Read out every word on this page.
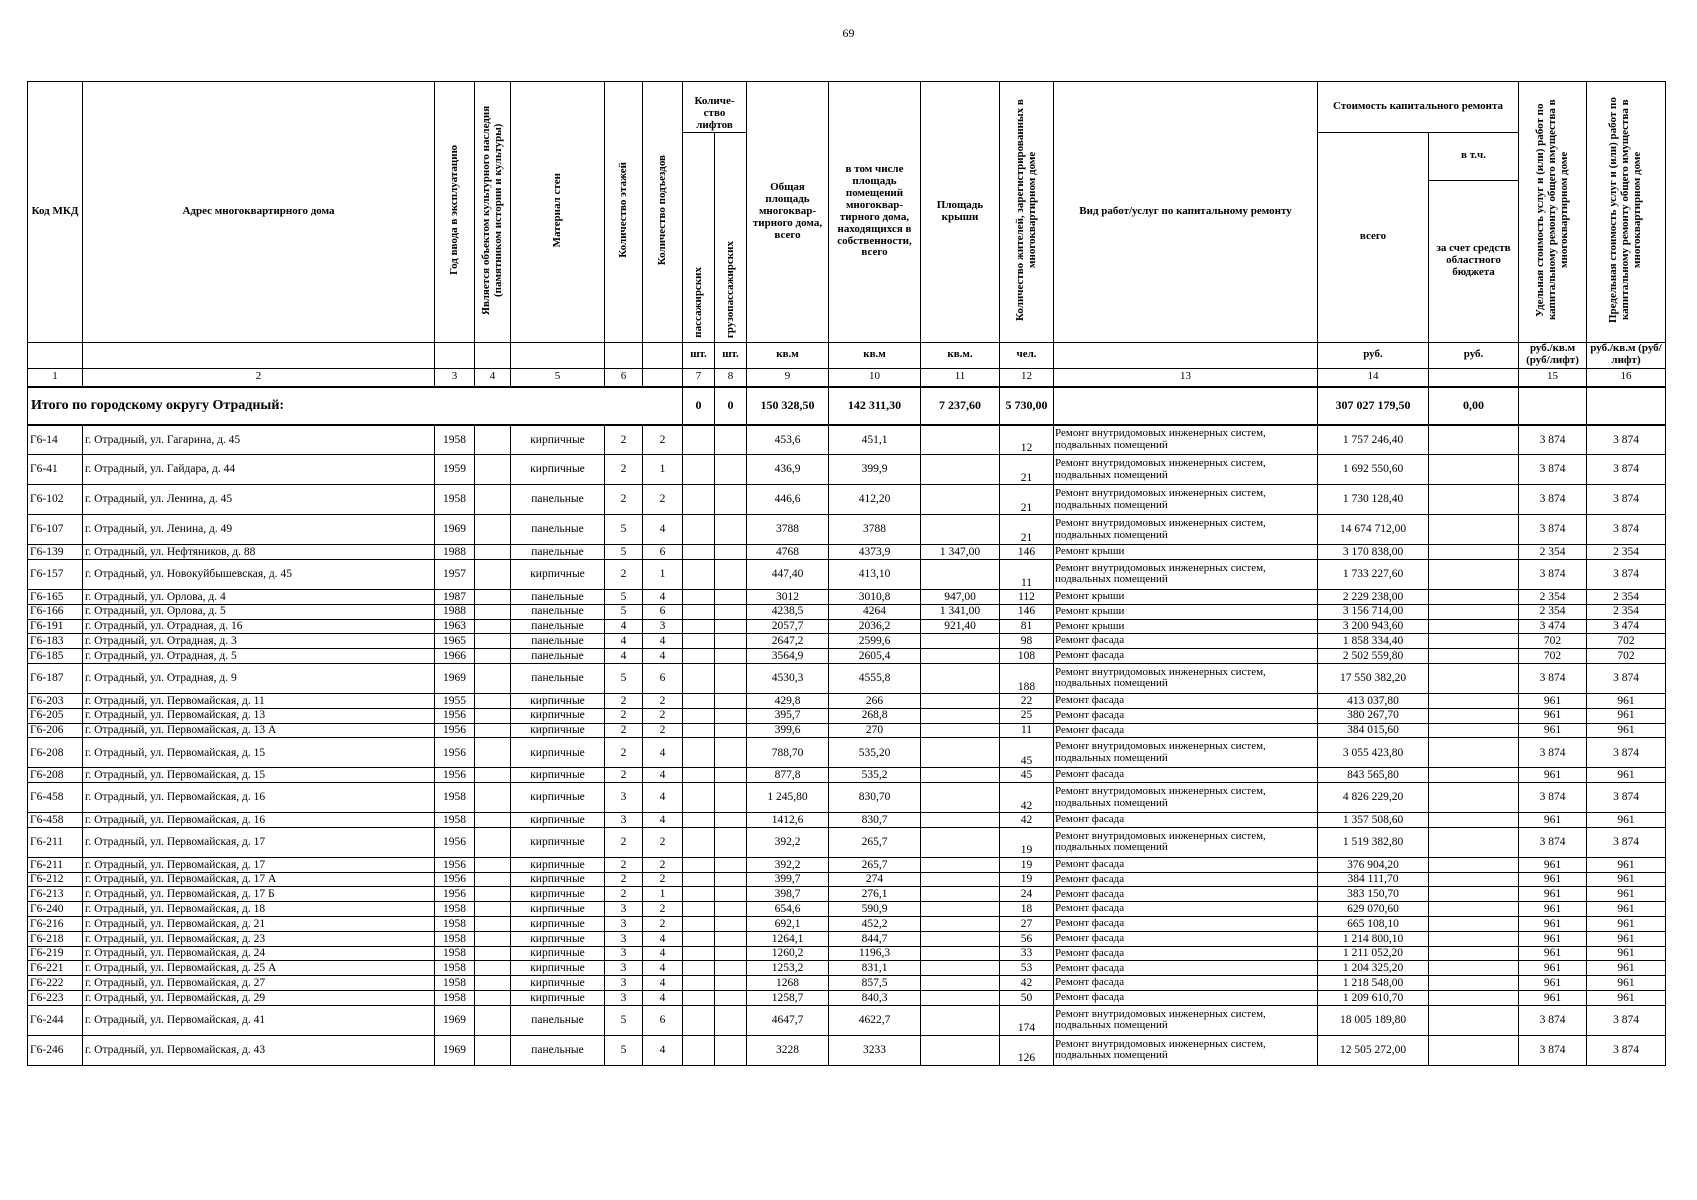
69
Код МКД	Адрес многоквартирного дома	Год ввода в эксплуатацию	Является объектом культурного наследия (памятником истории и культуры)	Материал стен	Количество этажей	Количество подъездов	Количе-ство лифтов		Общая площадь многоквар-тирного дома, всего	в том числе площадь помещений многоквар-тирного дома, находящихся в собственности, всего	Площадь крыши	Количество жителей, зарегистрированных в многоквартирном доме	Вид работ/услуг по капитальному ремонту	Стоимость капитального ремонта		Удельная стоимость услуг и (или) работ по капитальному ремонту общего имущества в многоквартирном доме	Предельная стоимость услуг и (или) работ по капитальному ремонту общего имущества в многоквартирном доме
							пассажирских	грузопассажирских						всего	в т.ч.		
															за счет средств областного бюджета		
							шт.	шт.	кв.м	кв.м	кв.м.	чел.		руб.	руб.	руб./кв.м (руб/лифт)	руб./кв.м (руб/лифт)
1	2	3	4	5	6		7	8	9	10	11	12	13	14		15	16
Итого по городскому округу Отрадный:							0	0	150 328,50	142 311,30	7 237,60	5 730,00		307 027 179,50	0,00		
Г6-14	г. Отрадный, ул. Гагарина, д. 45	1958		кирпичные	2	2			453,6	451,1		12	Ремонт внутридомовых инженерных систем, подвальных помещений	1 757 246,40		3 874	3 874
Г6-41	г. Отрадный, ул. Гайдара, д. 44	1959		кирпичные	2	1			436,9	399,9		21	Ремонт внутридомовых инженерных систем, подвальных помещений	1 692 550,60		3 874	3 874
Г6-102	г. Отрадный, ул. Ленина, д. 45	1958		панельные	2	2			446,6	412,20		21	Ремонт внутридомовых инженерных систем, подвальных помещений	1 730 128,40		3 874	3 874
Г6-107	г. Отрадный, ул. Ленина, д. 49	1969		панельные	5	4			3788	3788		21	Ремонт внутридомовых инженерных систем, подвальных помещений	14 674 712,00		3 874	3 874
Г6-139	г. Отрадный, ул. Нефтяников, д. 88	1988		панельные	5	6			4768	4373,9	1 347,00	146	Ремонт крыши	3 170 838,00		2 354	2 354
Г6-157	г. Отрадный, ул. Новокуйбышевская, д. 45	1957		кирпичные	2	1			447,40	413,10		11	Ремонт внутридомовых инженерных систем, подвальных помещений	1 733 227,60		3 874	3 874
Г6-165	г. Отрадный, ул. Орлова, д. 4	1987		панельные	5	4			3012	3010,8	947,00	112	Ремонт крыши	2 229 238,00		2 354	2 354
Г6-166	г. Отрадный, ул. Орлова, д. 5	1988		панельные	5	6			4238,5	4264	1 341,00	146	Ремонт крыши	3 156 714,00		2 354	2 354
Г6-191	г. Отрадный, ул. Отрадная, д. 16	1963		панельные	4	3			2057,7	2036,2	921,40	81	Ремонт крыши	3 200 943,60		3 474	3 474
Г6-183	г. Отрадный, ул. Отрадная, д. 3	1965		панельные	4	4			2647,2	2599,6		98	Ремонт фасада	1 858 334,40		702	702
Г6-185	г. Отрадный, ул. Отрадная, д. 5	1966		панельные	4	4			3564,9	2605,4		108	Ремонт фасада	2 502 559,80		702	702
Г6-187	г. Отрадный, ул. Отрадная, д. 9	1969		панельные	5	6			4530,3	4555,8		188	Ремонт внутридомовых инженерных систем, подвальных помещений	17 550 382,20		3 874	3 874
Г6-203	г. Отрадный, ул. Первомайская, д. 11	1955		кирпичные	2	2			429,8	266		22	Ремонт фасада	413 037,80		961	961
Г6-205	г. Отрадный, ул. Первомайская, д. 13	1956		кирпичные	2	2			395,7	268,8		25	Ремонт фасада	380 267,70		961	961
Г6-206	г. Отрадный, ул. Первомайская, д. 13 А	1956		кирпичные	2	2			399,6	270		11	Ремонт фасада	384 015,60		961	961
Г6-208	г. Отрадный, ул. Первомайская, д. 15	1956		кирпичные	2	4			788,70	535,20		45	Ремонт внутридомовых инженерных систем, подвальных помещений	3 055 423,80		3 874	3 874
Г6-208	г. Отрадный, ул. Первомайская, д. 15	1956		кирпичные	2	4			877,8	535,2		45	Ремонт фасада	843 565,80		961	961
Г6-458	г. Отрадный, ул. Первомайская, д. 16	1958		кирпичные	3	4			1 245,80	830,70		42	Ремонт внутридомовых инженерных систем, подвальных помещений	4 826 229,20		3 874	3 874
Г6-458	г. Отрадный, ул. Первомайская, д. 16	1958		кирпичные	3	4			1412,6	830,7		42	Ремонт фасада	1 357 508,60		961	961
Г6-211	г. Отрадный, ул. Первомайская, д. 17	1956		кирпичные	2	2			392,2	265,7		19	Ремонт внутридомовых инженерных систем, подвальных помещений	1 519 382,80		3 874	3 874
Г6-211	г. Отрадный, ул. Первомайская, д. 17	1956		кирпичные	2	2			392,2	265,7		19	Ремонт фасада	376 904,20		961	961
Г6-212	г. Отрадный, ул. Первомайская, д. 17 А	1956		кирпичные	2	2			399,7	274		19	Ремонт фасада	384 111,70		961	961
Г6-213	г. Отрадный, ул. Первомайская, д. 17 Б	1956		кирпичные	2	1			398,7	276,1		24	Ремонт фасада	383 150,70		961	961
Г6-240	г. Отрадный, ул. Первомайская, д. 18	1958		кирпичные	3	2			654,6	590,9		18	Ремонт фасада	629 070,60		961	961
Г6-216	г. Отрадный, ул. Первомайская, д. 21	1958		кирпичные	3	2			692,1	452,2		27	Ремонт фасада	665 108,10		961	961
Г6-218	г. Отрадный, ул. Первомайская, д. 23	1958		кирпичные	3	4			1264,1	844,7		56	Ремонт фасада	1 214 800,10		961	961
Г6-219	г. Отрадный, ул. Первомайская, д. 24	1958		кирпичные	3	4			1260,2	1196,3		33	Ремонт фасада	1 211 052,20		961	961
Г6-221	г. Отрадный, ул. Первомайская, д. 25 А	1958		кирпичные	3	4			1253,2	831,1		53	Ремонт фасада	1 204 325,20		961	961
Г6-222	г. Отрадный, ул. Первомайская, д. 27	1958		кирпичные	3	4			1268	857,5		42	Ремонт фасада	1 218 548,00		961	961
Г6-223	г. Отрадный, ул. Первомайская, д. 29	1958		кирпичные	3	4			1258,7	840,3		50	Ремонт фасада	1 209 610,70		961	961
Г6-244	г. Отрадный, ул. Первомайская, д. 41	1969		панельные	5	6			4647,7	4622,7		174	Ремонт внутридомовых инженерных систем, подвальных помещений	18 005 189,80		3 874	3 874
Г6-246	г. Отрадный, ул. Первомайская, д. 43	1969		панельные	5	4			3228	3233		126	Ремонт внутридомовых инженерных систем, подвальных помещений	12 505 272,00		3 874	3 874
